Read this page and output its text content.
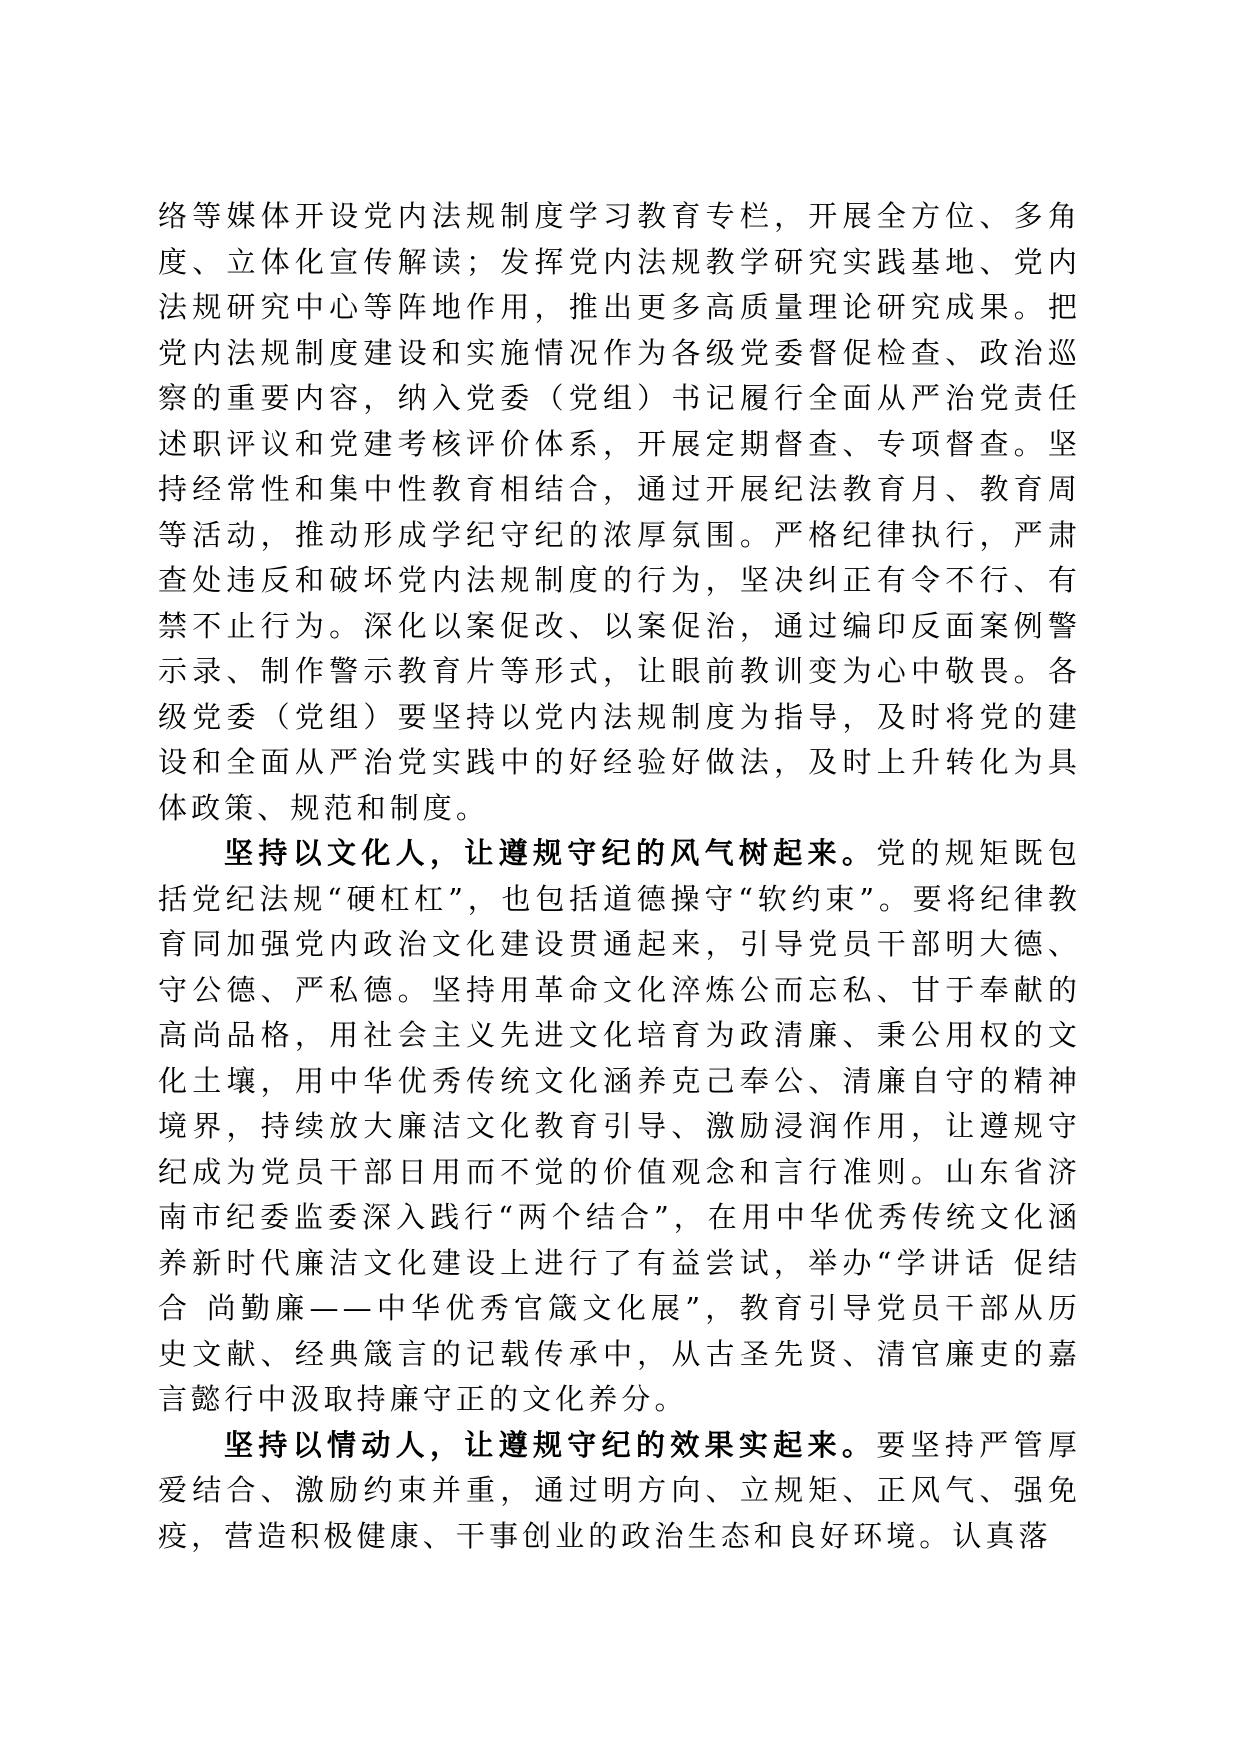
络等媒体开设党内法规制度学习教育专栏，开展全方位、多角度、立体化宣传解读；发挥党内法规教学研究实践基地、党内法规研究中心等阵地作用，推出更多高质量理论研究成果。把党内法规制度建设和实施情况作为各级党委督促检查、政治巡察的重要内容，纳入党委（党组）书记履行全面从严治党责任述职评议和党建考核评价体系，开展定期督查、专项督查。坚持经常性和集中性教育相结合，通过开展纪法教育月、教育周等活动，推动形成学纪守纪的浓厚氛围。严格纪律执行，严肃查处违反和破坏党内法规制度的行为，坚决纠正有令不行、有禁不止行为。深化以案促改、以案促治，通过编印反面案例警示录、制作警示教育片等形式，让眼前教训变为心中敬畏。各级党委（党组）要坚持以党内法规制度为指导，及时将党的建设和全面从严治党实践中的好经验好做法，及时上升转化为具体政策、规范和制度。

坚持以文化人，让遵规守纪的风气树起来。党的规矩既包括党纪法规“硬杠杠”，也包括道德操守“软约束”。要将纪律教育同加强党内政治文化建设贯通起来，引导党员干部明大德、守公德、严私德。坚持用革命文化淬炼公而忘私、甘于奉献的高尚品格，用社会主义先进文化培育为政清廉、秉公用权的文化土壤，用中华优秀传统文化涵养克己奉公、清廉自守的精神境界，持续放大廉洁文化教育引导、激励浸润作用，让遵规守纪成为党员干部日用而不觉的价值观念和言行准则。山东省济南市纪委监委深入践行“两个结合”，在用中华优秀传统文化涵养新时代廉洁文化建设上进行了有益尝试，举办“学讲话 促结合 尚勤廉——中华优秀官箴文化展”，教育引导党员干部从历史文献、经典箴言的记载传承中，从古圣先贤、清官廉吏的嘉言懿行中汲取持廉守正的文化养分。

坚持以情动人，让遵规守纪的效果实起来。要坚持严管厚爱结合、激励约束并重，通过明方向、立规矩、正风气、强免疫，营造积极健康、干事创业的政治生态和良好环境。认真落
